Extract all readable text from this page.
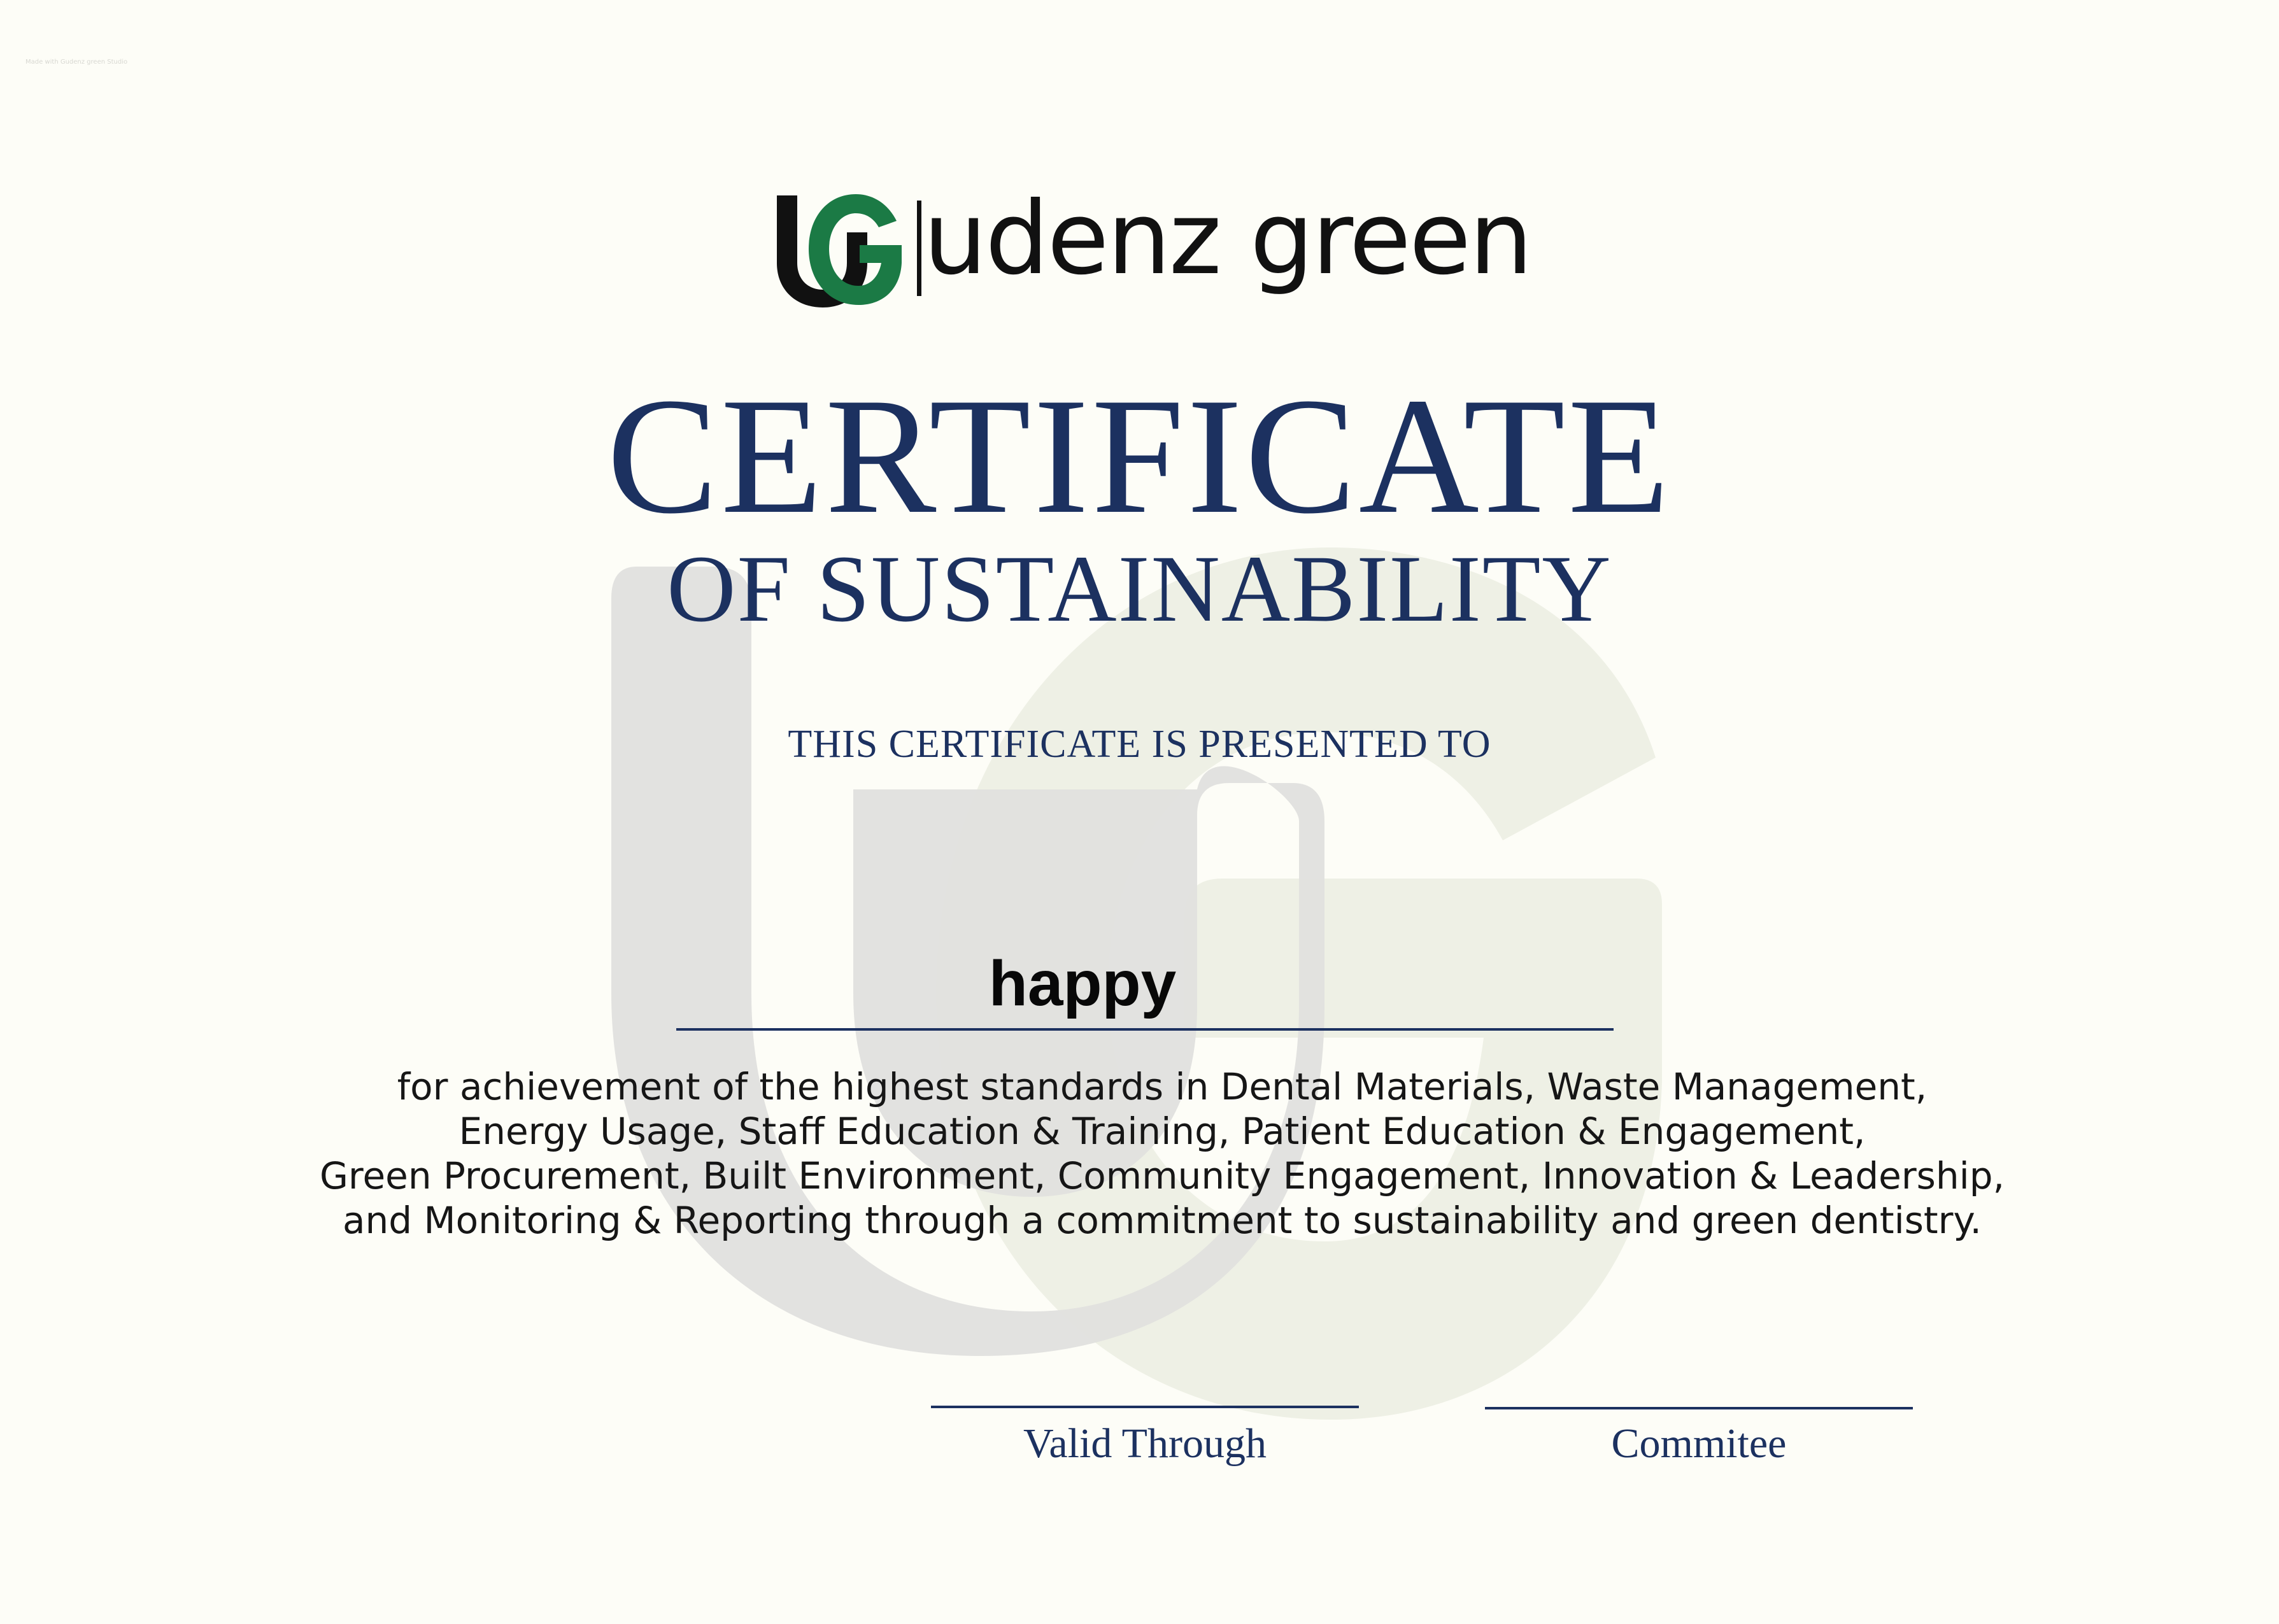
Made with Gudenz green Studio
udenz green
CERTIFICATE
OF SUSTAINABILITY
THIS CERTIFICATE IS PRESENTED TO
happy
for achievement of the highest standards in Dental Materials, Waste Management,
Energy Usage, Staff Education & Training, Patient Education & Engagement,
Green Procurement, Built Environment, Community Engagement, Innovation & Leadership,
and Monitoring & Reporting through a commitment to sustainability and green dentistry.
Valid Through	Commitee
